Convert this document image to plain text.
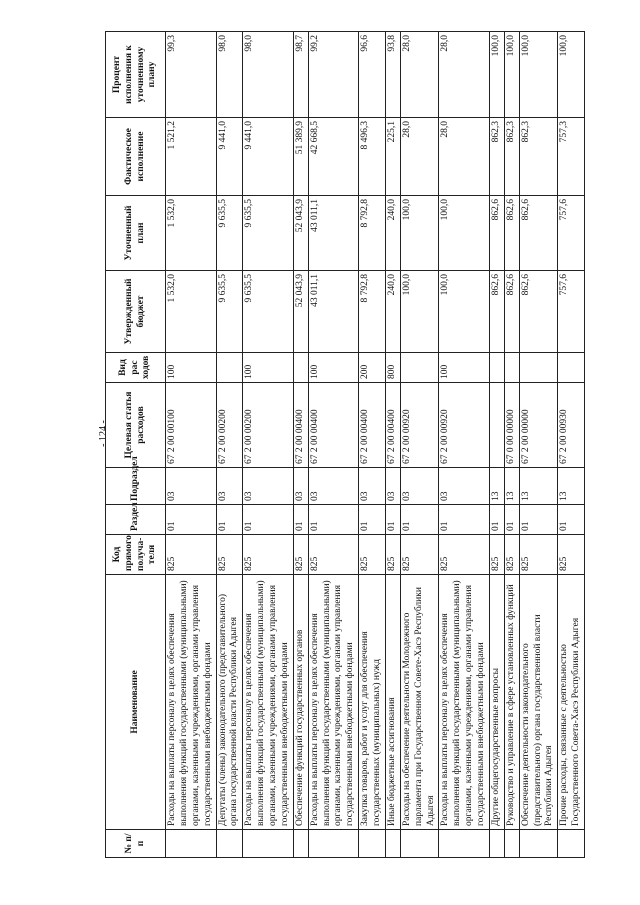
- 124 -
№ п/п	Наименование	Код прямого получа-теля	Раздел	Подраздел	Целевая статья расходов	Вид рас ходов	Утвержденный бюджет	Уточненный план	Фактическое исполнение	Процент исполнения к уточненному плану
	Расходы на выплаты персоналу в целях обеспечения выполнения функций государственными (муниципальными) органами, казенными учреждениями, органами управления государственными внебюджетными фондами	825	01	03	67 2 00 00100	100	1 532,0	1 532,0	1 521,2	99,3
	Депутаты (члены) законодательного (представительного) органа государственной власти Республики Адыгея	825	01	03	67 2 00 00200		9 635,5	9 635,5	9 441,0	98,0
	Расходы на выплаты персоналу в целях обеспечения выполнения функций государственными (муниципальными) органами, казенными учреждениями, органами управления государственными внебюджетными фондами	825	01	03	67 2 00 00200	100	9 635,5	9 635,5	9 441,0	98,0
	Обеспечение функций государственных органов	825	01	03	67 2 00 00400		52 043,9	52 043,9	51 389,9	98,7
	Расходы на выплаты персоналу в целях обеспечения выполнения функций государственными (муниципальными) органами, казенными учреждениями, органами управления государственными внебюджетными фондами	825	01	03	67 2 00 00400	100	43 011,1	43 011,1	42 668,5	99,2
	Закупка товаров, работ и услуг для обеспечения государственных (муниципальных) нужд	825	01	03	67 2 00 00400	200	8 792,8	8 792,8	8 496,3	96,6
	Иные бюджетные ассигнования	825	01	03	67 2 00 00400	800	240,0	240,0	225,1	93,8
	Расходы на обеспечение деятельности Молодежного парламента при Государственном Совете-Хасэ Республики Адыгея	825	01	03	67 2 00 00920		100,0	100,0	28,0	28,0
	Расходы на выплаты персоналу в целях обеспечения выполнения функций государственными (муниципальными) органами, казенными учреждениями, органами управления государственными внебюджетными фондами	825	01	03	67 2 00 00920	100	100,0	100,0	28,0	28,0
	Другие общегосударственные вопросы	825	01	13			862,6	862,6	862,3	100,0
	Руководство и управление в сфере установленных функций	825	01	13	67 0 00 00000		862,6	862,6	862,3	100,0
	Обеспечение деятельности законодательного (представительного) органа государственной власти Республики Адыгея	825	01	13	67 2 00 00000		862,6	862,6	862,3	100,0
	Прочие расходы, связанные с деятельностью Государственного Совета-Хасэ Республики Адыгея	825	01	13	67 2 00 00930		757,6	757,6	757,3	100,0
